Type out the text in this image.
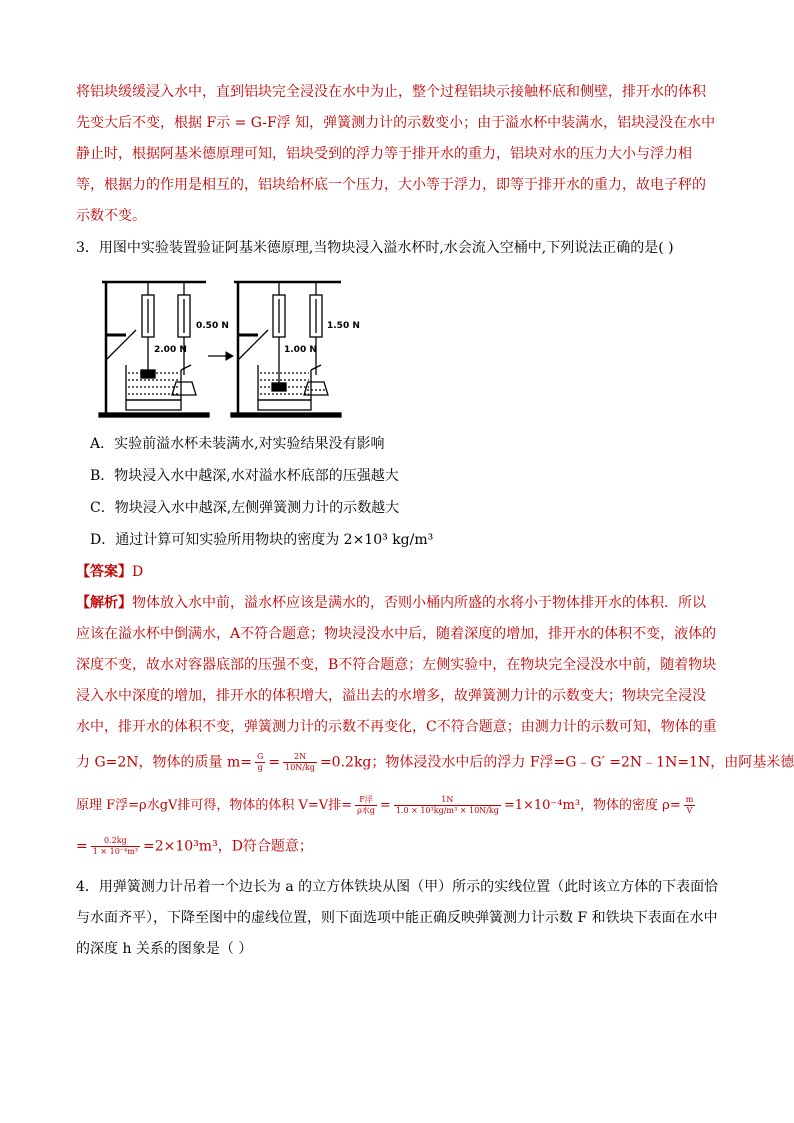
将铝块缓缓浸入水中，直到铝块完全浸没在水中为止，整个过程铝块示接触杯底和侧壁，排开水的体积
先变大后不变，根据 F示 = G-F浮 知，弹簧测力计的示数变小；由于溢水杯中装满水，铝块浸没在水中
静止时，根据阿基米德原理可知，铝块受到的浮力等于排开水的重力，铝块对水的压力大小与浮力相
等，根据力的作用是相互的，铝块给杯底一个压力，大小等于浮力，即等于排开水的重力，故电子秤的
示数不变。
3．用图中实验装置验证阿基米德原理,当物块浸入溢水杯时,水会流入空桶中,下列说法正确的是( )
0.50 N
2.00 N	1.00 N
1.50 N
A．实验前溢水杯未装满水,对实验结果没有影响
B．物块浸入水中越深,水对溢水杯底部的压强越大
C．物块浸入水中越深,左侧弹簧测力计的示数越大
D．通过计算可知实验所用物块的密度为 2×10³ kg/m³
【答案】D
【解析】物体放入水中前，溢水杯应该是满水的，否则小桶内所盛的水将小于物体排开水的体积．所以
应该在溢水杯中倒满水，A不符合题意；物块浸没水中后，随着深度的增加，排开水的体积不变，液体的
深度不变，故水对容器底部的压强不变，B不符合题意；左侧实验中，在物块完全浸没水中前，随着物块
浸入水中深度的增加，排开水的体积增大，溢出去的水增多，故弹簧测力计的示数变大；物块完全浸没
水中，排开水的体积不变，弹簧测力计的示数不再变化，C不符合题意；由测力计的示数可知，物体的重
力 G=2N，物体的质量 $m= \frac{G}{g} = \frac{2N}{10N/kg} =0.2kg$；物体浸没水中后的浮力 F浮=G﹣G′ =2N﹣1N=1N，由阿基米德
原理 F浮=ρ水gV排可得，物体的体积 V=V排= $\frac{\text{F浮}}{\text{ρ水g}} = \frac{1N}{\text{1.0 × 10³kg/m³ × 10N/kg}} =1\times 10^{-4}m^3$，物体的密度 $\rho= \frac{m}{V}$
= $\frac{0.2kg}{\text{1 × 10⁻⁴m³}} =2\times 10^3m^3$，D符合题意；
4．用弹簧测力计吊着一个边长为 a 的立方体铁块从图（甲）所示的实线位置（此时该立方体的下表面恰
与水面齐平），下降至图中的虚线位置，则下面选项中能正确反映弹簧测力计示数 F 和铁块下表面在水中
的深度 h 关系的图象是（ ）
